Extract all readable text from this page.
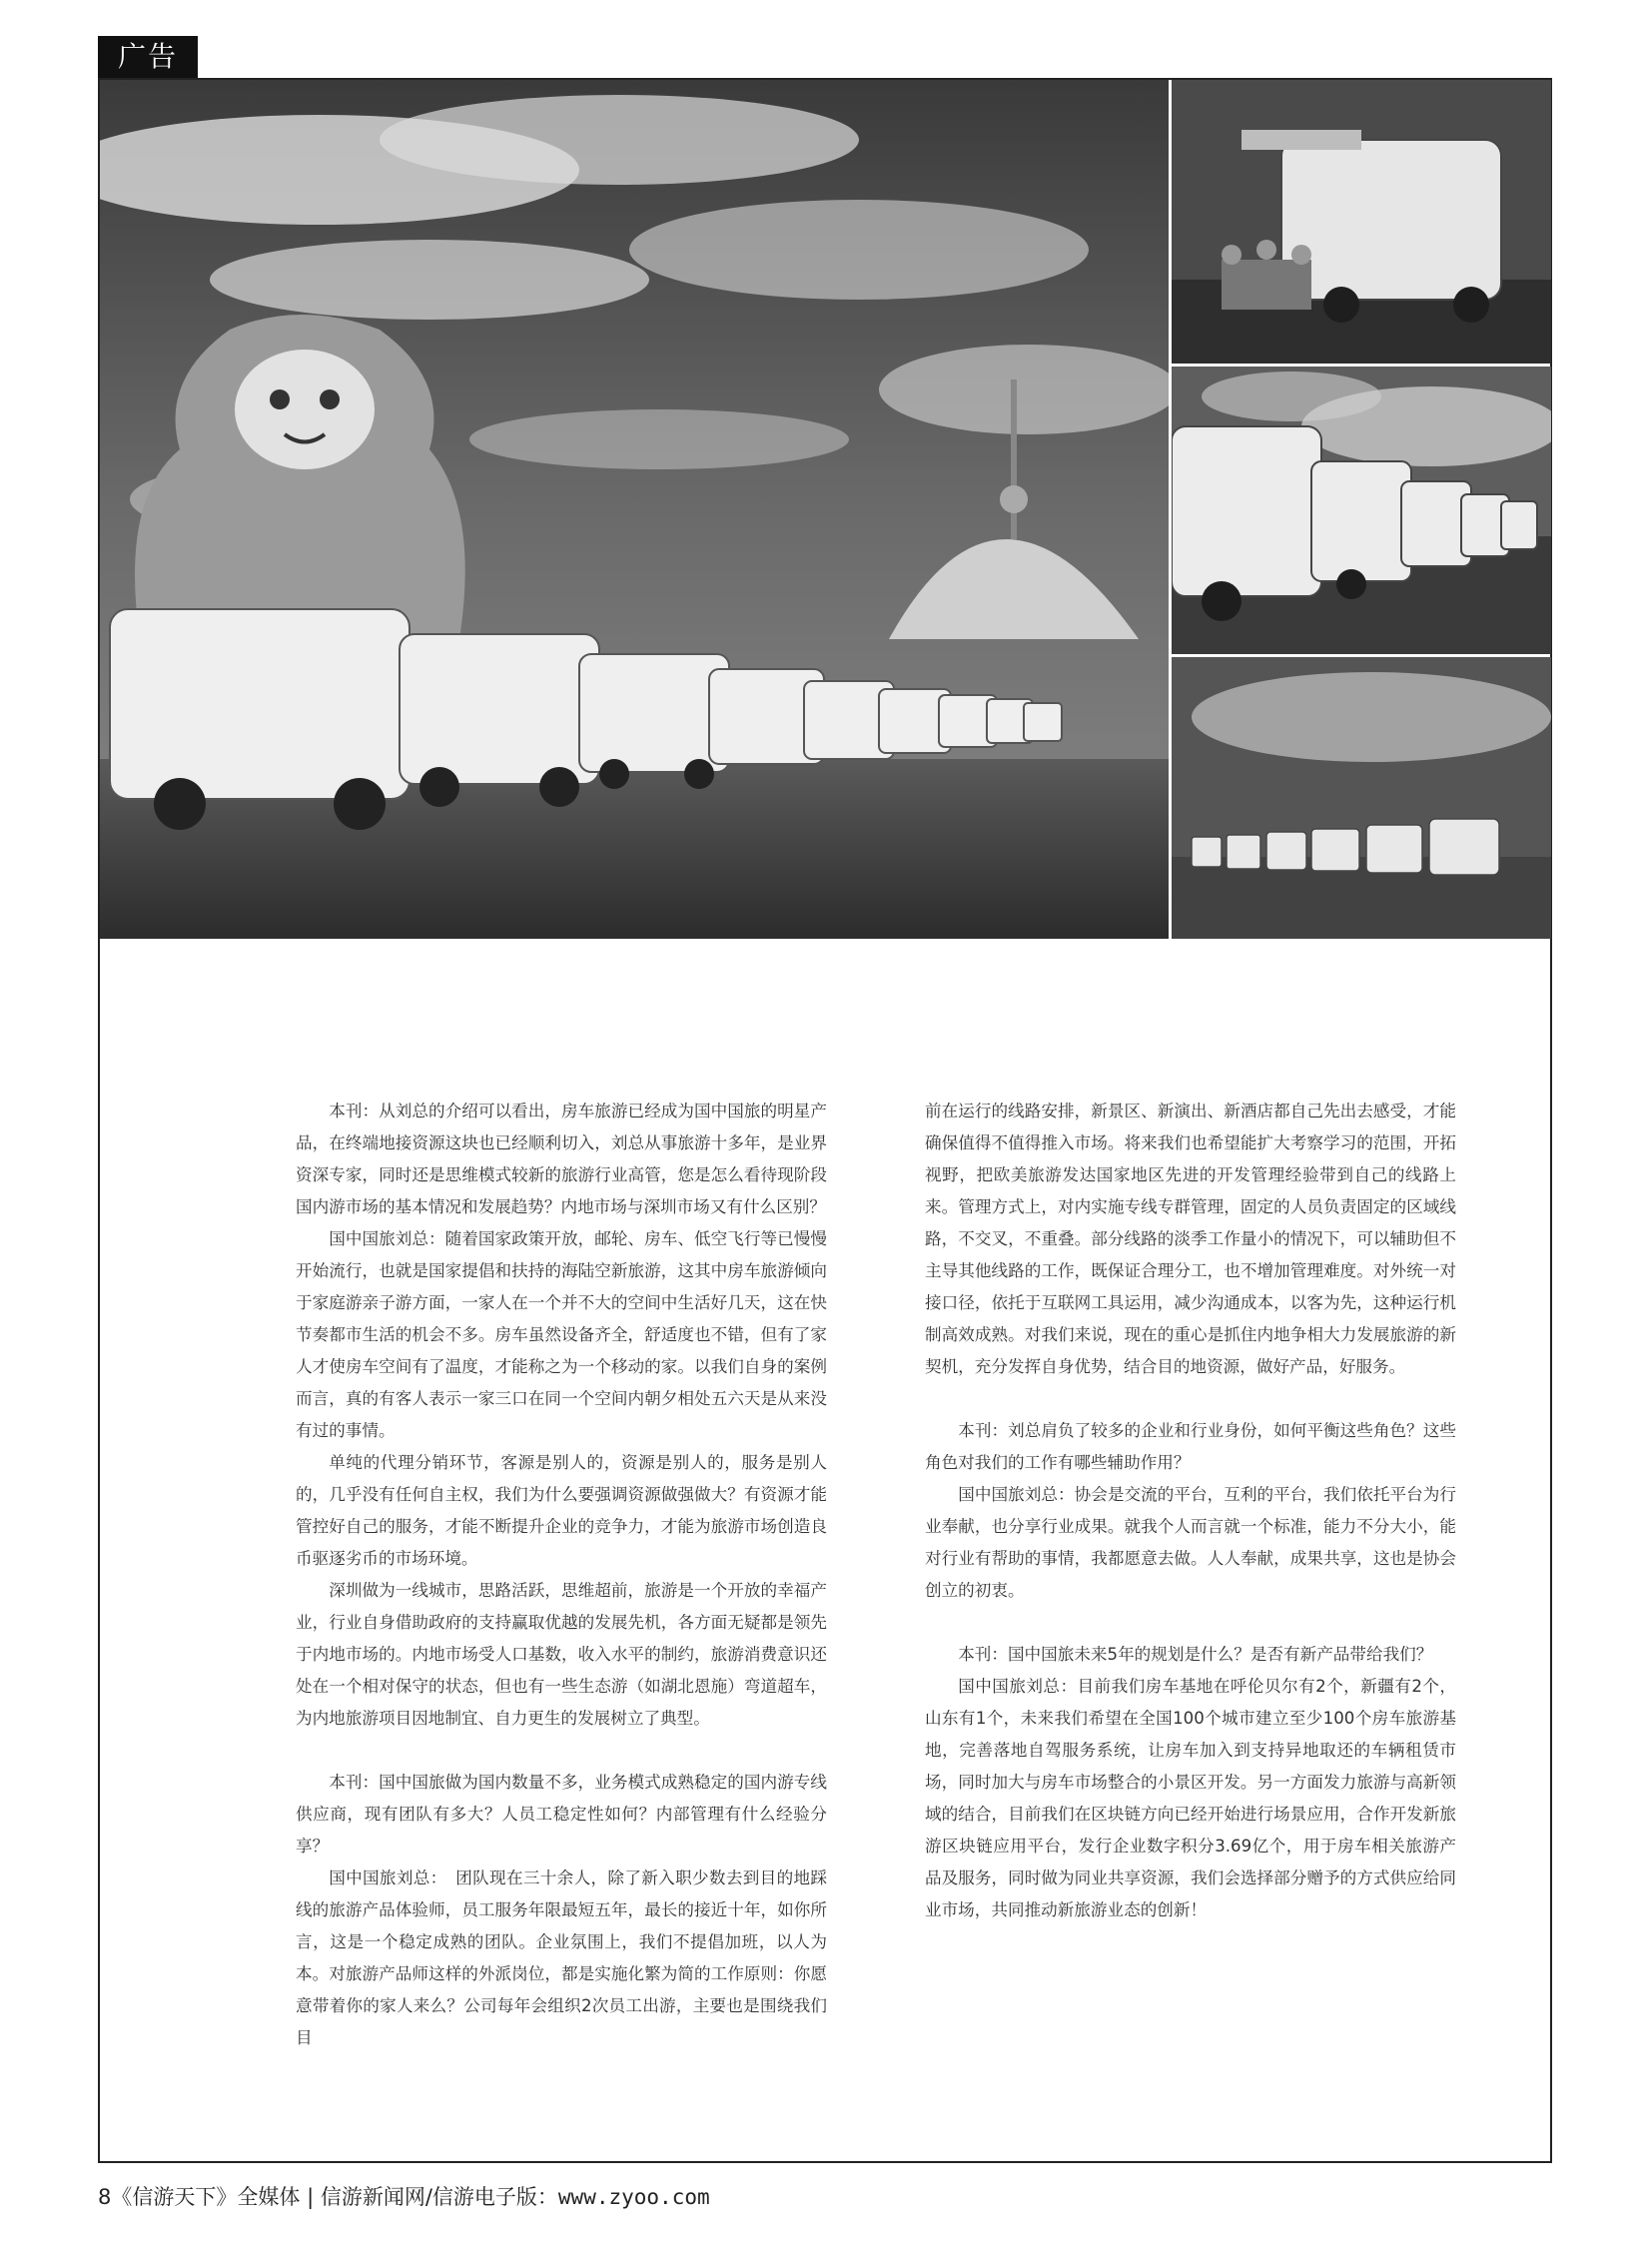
广告

本刊：从刘总的介绍可以看出，房车旅游已经成为国中国旅的明星产品，在终端地接资源这块也已经顺利切入，刘总从事旅游十多年，是业界资深专家，同时还是思维模式较新的旅游行业高管，您是怎么看待现阶段国内游市场的基本情况和发展趋势？内地市场与深圳市场又有什么区别？

国中国旅刘总：随着国家政策开放，邮轮、房车、低空飞行等已慢慢开始流行，也就是国家提倡和扶持的海陆空新旅游，这其中房车旅游倾向于家庭游亲子游方面，一家人在一个并不大的空间中生活好几天，这在快节奏都市生活的机会不多。房车虽然设备齐全，舒适度也不错，但有了家人才使房车空间有了温度，才能称之为一个移动的家。以我们自身的案例而言，真的有客人表示一家三口在同一个空间内朝夕相处五六天是从来没有过的事情。

单纯的代理分销环节，客源是别人的，资源是别人的，服务是别人的，几乎没有任何自主权，我们为什么要强调资源做强做大？有资源才能管控好自己的服务，才能不断提升企业的竞争力，才能为旅游市场创造良币驱逐劣币的市场环境。

深圳做为一线城市，思路活跃，思维超前，旅游是一个开放的幸福产业，行业自身借助政府的支持赢取优越的发展先机，各方面无疑都是领先于内地市场的。内地市场受人口基数，收入水平的制约，旅游消费意识还处在一个相对保守的状态，但也有一些生态游（如湖北恩施）弯道超车，为内地旅游项目因地制宜、自力更生的发展树立了典型。

本刊：国中国旅做为国内数量不多，业务模式成熟稳定的国内游专线供应商，现有团队有多大？人员工稳定性如何？内部管理有什么经验分享？

国中国旅刘总：　团队现在三十余人，除了新入职少数去到目的地踩线的旅游产品体验师，员工服务年限最短五年，最长的接近十年，如你所言，这是一个稳定成熟的团队。企业氛围上，我们不提倡加班，以人为本。对旅游产品师这样的外派岗位，都是实施化繁为简的工作原则：你愿意带着你的家人来么？公司每年会组织2次员工出游，主要也是围绕我们目

前在运行的线路安排，新景区、新演出、新酒店都自己先出去感受，才能确保值得不值得推入市场。将来我们也希望能扩大考察学习的范围，开拓视野，把欧美旅游发达国家地区先进的开发管理经验带到自己的线路上来。管理方式上，对内实施专线专群管理，固定的人员负责固定的区域线路，不交叉，不重叠。部分线路的淡季工作量小的情况下，可以辅助但不主导其他线路的工作，既保证合理分工，也不增加管理难度。对外统一对接口径，依托于互联网工具运用，减少沟通成本，以客为先，这种运行机制高效成熟。对我们来说，现在的重心是抓住内地争相大力发展旅游的新契机，充分发挥自身优势，结合目的地资源，做好产品，好服务。

本刊：刘总肩负了较多的企业和行业身份，如何平衡这些角色？这些角色对我们的工作有哪些辅助作用？

国中国旅刘总：协会是交流的平台，互利的平台，我们依托平台为行业奉献，也分享行业成果。就我个人而言就一个标准，能力不分大小，能对行业有帮助的事情，我都愿意去做。人人奉献，成果共享，这也是协会创立的初衷。

本刊：国中国旅未来5年的规划是什么？是否有新产品带给我们？

国中国旅刘总：目前我们房车基地在呼伦贝尔有2个，新疆有2个，山东有1个，未来我们希望在全国100个城市建立至少100个房车旅游基地，完善落地自驾服务系统，让房车加入到支持异地取还的车辆租赁市场，同时加大与房车市场整合的小景区开发。另一方面发力旅游与高新领域的结合，目前我们在区块链方向已经开始进行场景应用，合作开发新旅游区块链应用平台，发行企业数字积分3.69亿个，用于房车相关旅游产品及服务，同时做为同业共享资源，我们会选择部分赠予的方式供应给同业市场，共同推动新旅游业态的创新！

8《信游天下》全媒体 | 信游新闻网/信游电子版：www.zyoo.com
